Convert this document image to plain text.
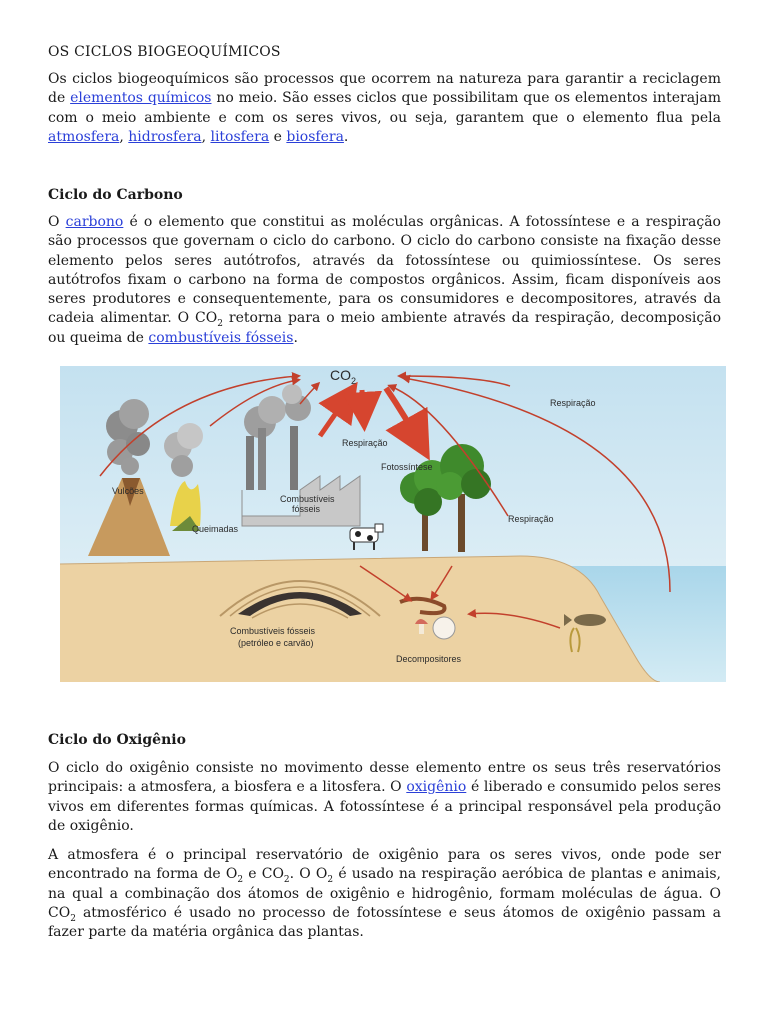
OS CICLOS BIOGEOQUÍMICOS

Os ciclos biogeoquímicos são processos que ocorrem na natureza para garantir a reciclagem de elementos químicos no meio. São esses ciclos que possibilitam que os elementos interajam com o meio ambiente e com os seres vivos, ou seja, garantem que o elemento flua pela atmosfera, hidrosfera, litosfera e biosfera.

Ciclo do Carbono

O carbono é o elemento que constitui as moléculas orgânicas. A fotossíntese e a respiração são processos que governam o ciclo do carbono. O ciclo do carbono consiste na fixação desse elemento pelos seres autótrofos, através da fotossíntese ou quimiossíntese. Os seres autótrofos fixam o carbono na forma de compostos orgânicos. Assim, ficam disponíveis aos seres produtores e consequentemente, para os consumidores e decompositores, através da cadeia alimentar. O $CO_2$ retorna para o meio ambiente através da respiração, decomposição ou queima de combustíveis fósseis.

$CO_2$
Respiração
Fotossíntese
Respiração
Respiração
Vulcões
Queimadas
Combustíveis
fósseis
Combustíveis fósseis
(petróleo e carvão)
Decompositores

Ciclo do Oxigênio

O ciclo do oxigênio consiste no movimento desse elemento entre os seus três reservatórios principais: a atmosfera, a biosfera e a litosfera. O oxigênio é liberado e consumido pelos seres vivos em diferentes formas químicas. A fotossíntese é a principal responsável pela produção de oxigênio.

A atmosfera é o principal reservatório de oxigênio para os seres vivos, onde pode ser encontrado na forma de $O_2$ e $CO_2$. O $O_2$ é usado na respiração aeróbica de plantas e animais, na qual a combinação dos átomos de oxigênio e hidrogênio, formam moléculas de água. O $CO_2$ atmosférico é usado no processo de fotossíntese e seus átomos de oxigênio passam a fazer parte da matéria orgânica das plantas.
